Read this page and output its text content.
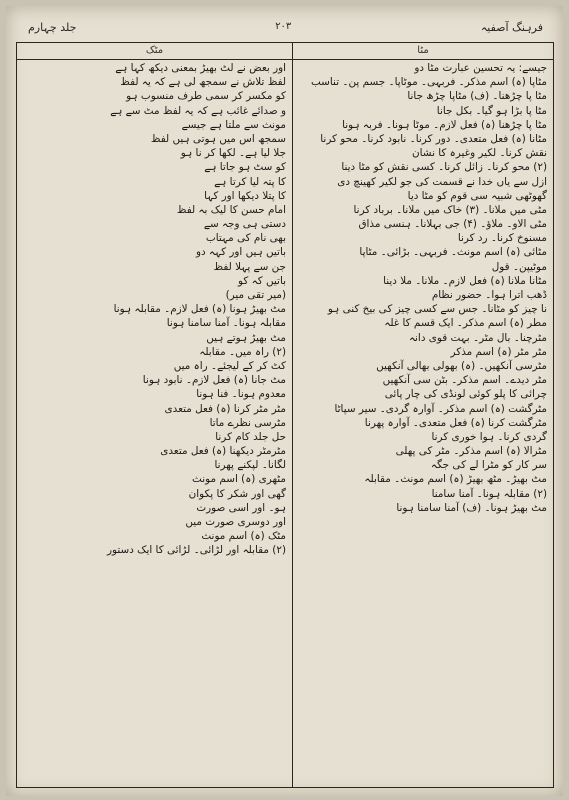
فرہنگ آصفیہ
۲۰۳
جلد چہارم
مٹا
مٹک
جیسے: یہ تحسین عبارت مٹا دو
مٹاپا (ہ) اسم مذکر۔ فربہی۔ موٹاپا۔ جسم پن۔ تناسب
مٹا پا چڑھنا۔ (ف) مٹاپا چڑھ جانا
مٹا پا بڑا ہو گیا۔ بکل جانا
مٹا پا چڑھنا (ہ) فعل لازم۔ موٹا ہونا۔ فربہ ہونا
مٹانا (ہ) فعل متعدی۔ دور کرنا۔ نابود کرنا۔ محو کرنا
نقش کرنا۔ لکیر وغیرہ کا نشان
(۲) محو کرنا۔ زائل کرنا۔ کسی نقش کو مٹا دینا
ازل سے یاں خدا نے قسمت کی جو لکیر کھینچ دی
گھوٹھی شبیہ سی قوم کو مٹا دیا
مٹی میں ملانا۔ (۳) خاک میں ملانا۔ برباد کرنا
مٹی الاو۔ ملاؤ۔ (۴) جی بہلانا۔ ہنسی مذاق
مسنوخ کرنا۔ رد کرنا
مٹائی (ہ) اسم مونث۔ فربہی۔ بڑائی۔ مٹاپا
موٹیپن۔ قول
مٹانا ملانا (ہ) فعل لازم۔ ملانا۔ ملا دینا
ڈھب اترا ہوا۔ حضور نظام
نا چیز کو مٹانا۔ جس سے کسی چیز کی بیخ کنی ہو
مطر (ہ) اسم مذکر۔ ایک قسم کا غلہ
مٹرچنا۔ بال مٹر۔ بہت قوی دانہ
مٹر مٹر (ہ) اسم مذکر
مٹرسی آنکھیں۔ (ہ) بھولی بھالی آنکھیں
مٹر دیدے۔ اسم مذکر۔ بٹن سی آنکھیں
چرائی کا پلو کوئی لونڈی کی چار پائی
مٹرگشت (ہ) اسم مذکر۔ آوارہ گردی۔ سیر سپاٹا
مٹرگشت کرنا (ہ) فعل متعدی۔ آوارہ پھرنا
گردی کرنا۔ ہوا خوری کرنا
مٹرالا (ہ) اسم مذکر۔ مٹر کی پھلی
سر کار کو مٹرا لے کی جگہ
مٹ بھیڑ۔ مٹھ بھیڑ (ہ) اسم مونث۔ مقابلہ
(۲) مقابلہ ہونا۔ آمنا سامنا
مٹ بھیڑ ہونا۔ (ف) آمنا سامنا ہونا
اور بعض نے لٹ بھیڑ بمعنی دیکھ کہا ہے
لفظ تلاش نے سمجھ لی ہے کہ یہ لفظ
کو مکسر کر سمی طرف منسوب ہو
و صدائے غائب ہے کہ یہ لفظ مٹ سے ہے
مونث سے ملتا ہے جیسے
سمجھ اس میں ہوتی ہیں لفظ
جلا لیا ہے۔ لکھا کر نا ہو
کو سٹ ہو جاتا ہے
کا پتہ لیا کرتا ہے
کا پتلا دیکھا اور کہا
امام حسن کا لیک بہ لفظ
دستی ہی وجہ سے
بھی نام کی مہتاب
باتیں ہیں اور کہہ دو
جن سے پہلا لفظ
باتیں کہ کو
(میر تقی میر)
مٹ بھیڑ ہونا (ہ) فعل لازم۔ مقابلہ ہونا
مقابلہ ہونا۔ آمنا سامنا ہونا
مٹ بھیڑ ہوتے ہیں
(۲) راہ میں۔ مقابلہ
کٹ کر کے لیجئے۔ راہ میں
مٹ جانا (ہ) فعل لازم۔ نابود ہونا
معدوم ہونا۔ فنا ہونا
مٹر مٹر کرنا (ہ) فعل متعدی
مٹرسی نظرے ماتا
حل جلد کام کرنا
مٹرمٹر دیکھنا (ہ) فعل متعدی
لگانا۔ لپکنے پھرنا
مٹھری (ہ) اسم مونث
گھی اور شکر کا پکوان
ہو۔ اور اسی صورت
اور دوسری صورت میں
مٹک (ہ) اسم مونث
(۲) مقابلہ اور لڑائی۔ لڑائی کا ایک دستور
